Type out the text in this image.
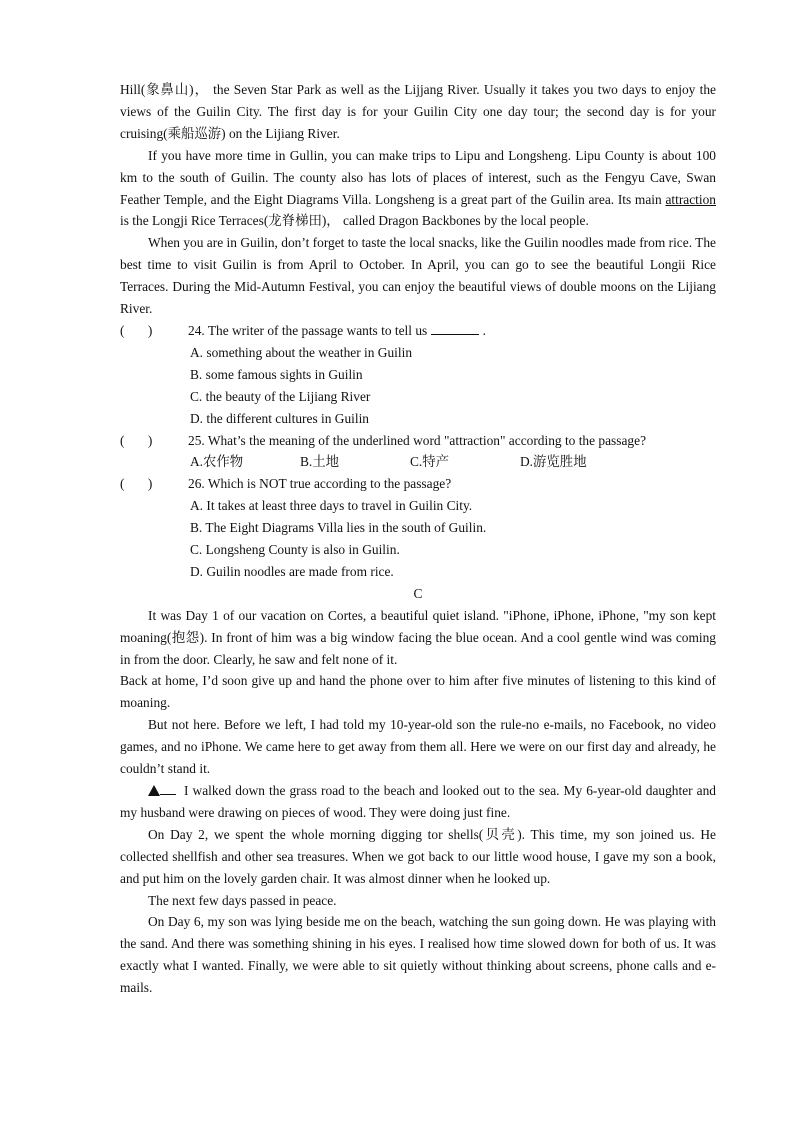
Hill(象鼻山)， the Seven Star Park as well as the Lijjang River. Usually it takes you two days to enjoy the views of the Guilin City. The first day is for your Guilin City one day tour; the second day is for your cruising(乘船巡游) on the Lijiang River.

If you have more time in Gullin, you can make trips to Lipu and Longsheng. Lipu County is about 100 km to the south of Guilin. The county also has lots of places of interest, such as the Fengyu Cave, Swan Feather Temple, and the Eight Diagrams Villa. Longsheng is a great part of the Guilin area. Its main attraction is the Longji Rice Terraces(龙脊梯田)， called Dragon Backbones by the local people.

When you are in Guilin, don’t forget to taste the local snacks, like the Guilin noodles made from rice. The best time to visit Guilin is from April to October. In April, you can go to see the beautiful Longii Rice Terraces. During the Mid-Autumn Festival, you can enjoy the beautiful views of double moons on the Lijiang River.

(       )	24. The writer of the passage wants to tell us	.
A. something about the weather in Guilin
B. some famous sights in Guilin
C. the beauty of the Lijiang River
D. the different cultures in Guilin
(       )	25. What’s the meaning of the underlined word "attraction" according to the passage?
A.农作物	B.土地	C.特产	D.游览胜地
(       )	26. Which is NOT true according to the passage?
A. It takes at least three days to travel in Guilin City.
B. The Eight Diagrams Villa lies in the south of Guilin.
C. Longsheng County is also in Guilin.
D. Guilin noodles are made from rice.
C

It was Day 1 of our vacation on Cortes, a beautiful quiet island. "iPhone, iPhone, iPhone, "my son kept moaning(抱怨). In front of him was a big window facing the blue ocean. And a cool gentle wind was coming in from the door. Clearly, he saw and felt none of it.

Back at home, I’d soon give up and hand the phone over to him after five minutes of listening to this kind of moaning.

But not here. Before we left, I had told my 10-year-old son the rule-no e-mails, no Facebook, no video games, and no iPhone. We came here to get away from them all. Here we were on our first day and already, he couldn’t stand it.

I walked down the grass road to the beach and looked out to the sea. My 6-year-old daughter and my husband were drawing on pieces of wood. They were doing just fine.

On Day 2, we spent the whole morning digging tor shells(贝壳). This time, my son joined us. He collected shellfish and other sea treasures. When we got back to our little wood house, I gave my son a book, and put him on the lovely garden chair. It was almost dinner when he looked up.

The next few days passed in peace.

On Day 6, my son was lying beside me on the beach, watching the sun going down. He was playing with the sand. And there was something shining in his eyes. I realised how time slowed down for both of us. It was exactly what I wanted. Finally, we were able to sit quietly without thinking about screens, phone calls and e-mails.
